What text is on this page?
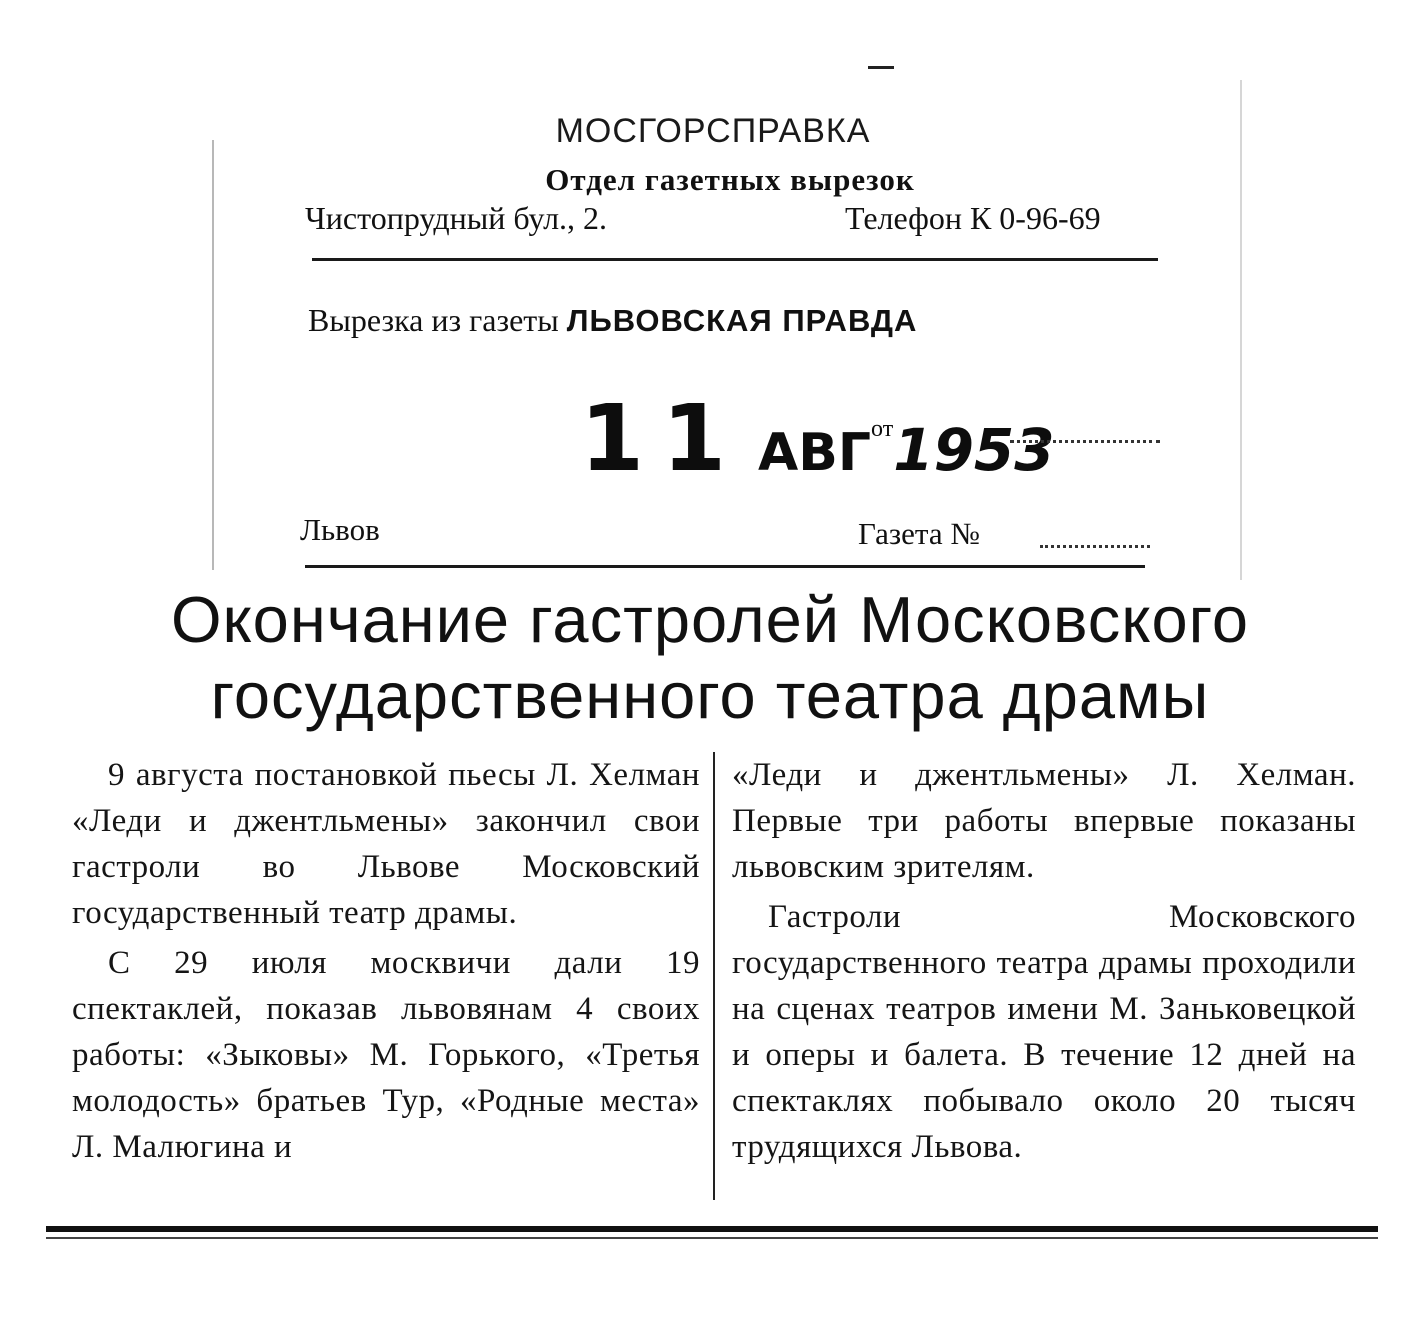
МОСГОРСПРАВКА
Отдел газетных вырезок
Чистопрудный бул., 2.	Телефон К 0-96-69
Вырезка из газеты ЛЬВОВСКАЯ ПРАВДА
11 АВГот1953
Львов	Газета №
Окончание гастролей Московского
государственного театра драмы

9 августа постановкой пьесы Л. Хелман «Леди и джентльмены» закончил свои гастроли во Львове Московский государственный театр драмы.

С 29 июля москвичи дали 19 спектаклей, показав львовянам 4 своих работы: «Зыковы» М. Горького, «Третья молодость» братьев Тур, «Родные места» Л. Малюгина и

«Леди и джентльмены» Л. Хелман. Первые три работы впервые показаны львовским зрителям.

Гастроли Московского государственного театра драмы проходили на сценах театров имени М. Заньковецкой и оперы и балета. В течение 12 дней на спектаклях побывало около 20 тысяч трудящихся Львова.
